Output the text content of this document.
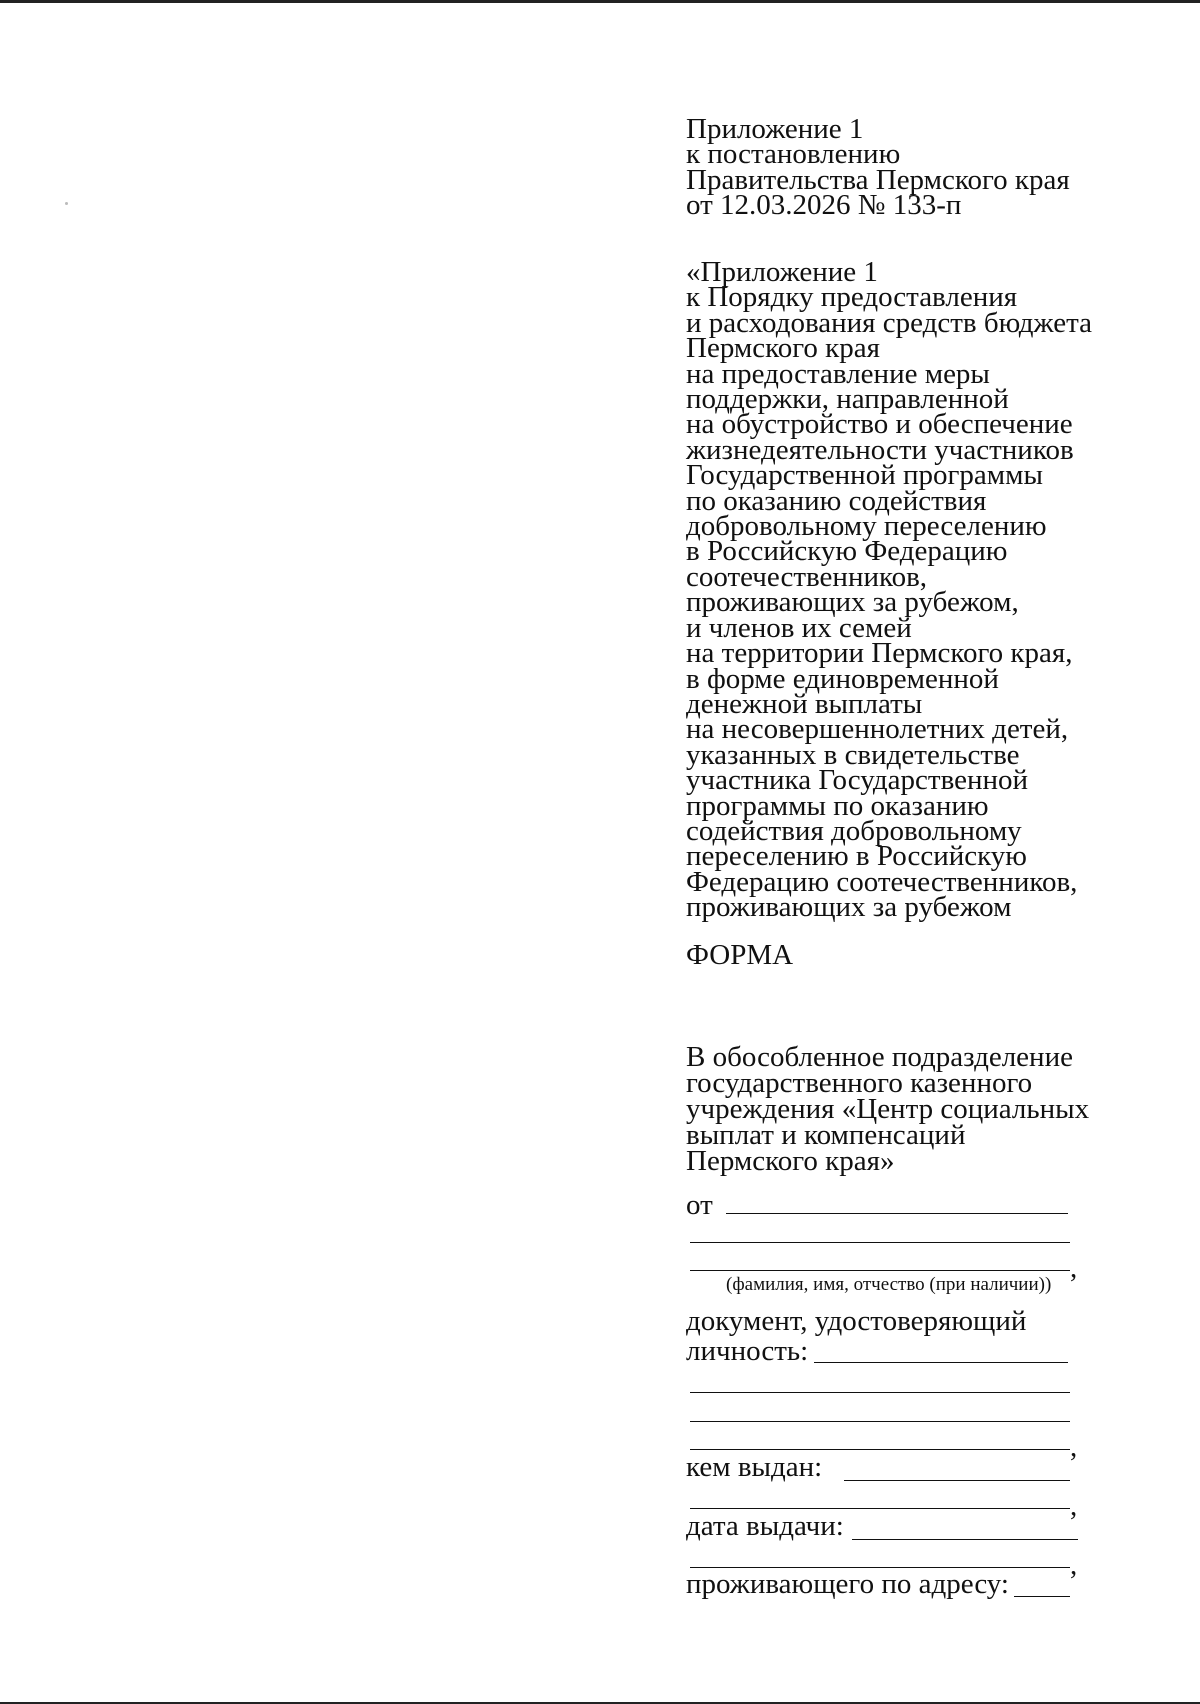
Приложение 1
к постановлению
Правительства Пермского края
от 12.03.2026 № 133-п
«Приложение 1
к Порядку предоставления
и расходования средств бюджета
Пермского края
на предоставление меры
поддержки, направленной
на обустройство и обеспечение
жизнедеятельности участников
Государственной программы
по оказанию содействия
добровольному переселению
в Российскую Федерацию
соотечественников,
проживающих за рубежом,
и членов их семей
на территории Пермского края,
в форме единовременной
денежной выплаты
на несовершеннолетних детей,
указанных в свидетельстве
участника Государственной
программы по оказанию
содействия добровольному
переселению в Российскую
Федерацию соотечественников,
проживающих за рубежом
ФОРМА
В обособленное подразделение
государственного казенного
учреждения «Центр социальных
выплат и компенсаций
Пермского края»
от
,
(фамилия, имя, отчество (при наличии))
документ, удостоверяющий
личность:
,
кем выдан:
,
дата выдачи:
,
проживающего по адресу:
